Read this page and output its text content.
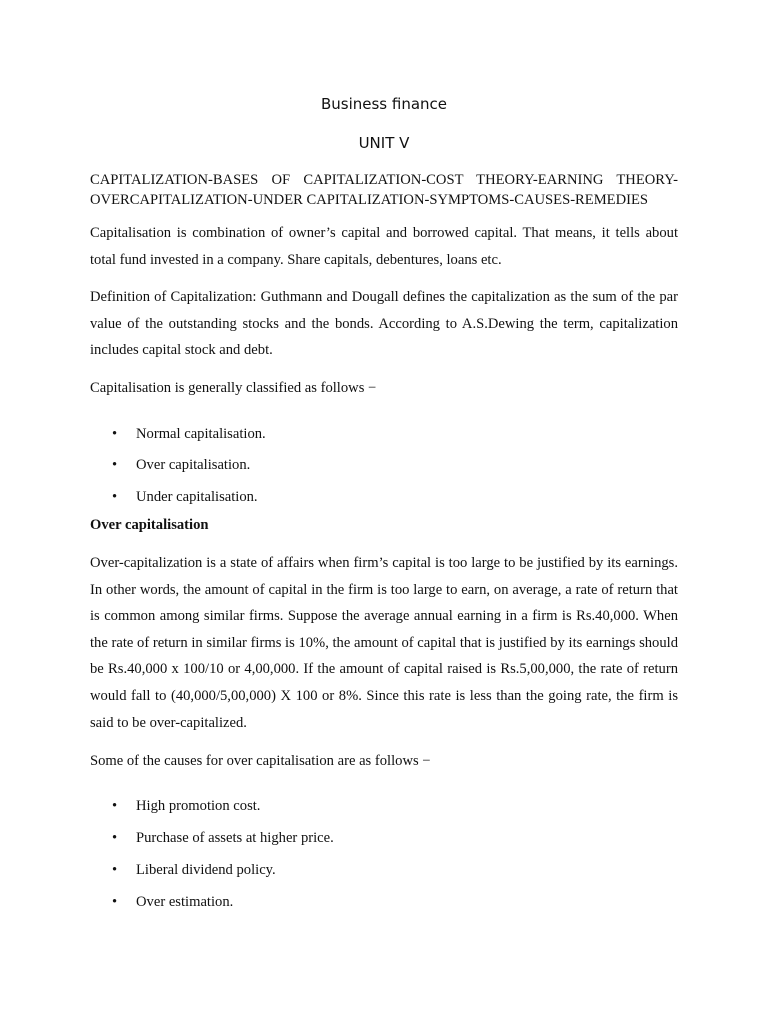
Business finance
UNIT V
CAPITALIZATION-BASES OF CAPITALIZATION-COST THEORY-EARNING THEORY-OVERCAPITALIZATION-UNDER CAPITALIZATION-SYMPTOMS-CAUSES-REMEDIES

Capitalisation is combination of owner’s capital and borrowed capital. That means, it tells about total fund invested in a company. Share capitals, debentures, loans etc.

Definition of Capitalization: Guthmann and Dougall defines the capitalization as the sum of the par value of the outstanding stocks and the bonds. According to A.S.Dewing the term, capitalization includes capital stock and debt.

Capitalisation is generally classified as follows −

• Normal capitalisation.
• Over capitalisation.
• Under capitalisation.
Over capitalisation

Over-capitalization is a state of affairs when firm’s capital is too large to be justified by its earnings. In other words, the amount of capital in the firm is too large to earn, on average, a rate of return that is common among similar firms. Suppose the average annual earning in a firm is Rs.40,000. When the rate of return in similar firms is 10%, the amount of capital that is justified by its earnings should be Rs.40,000 x 100/10 or 4,00,000. If the amount of capital raised is Rs.5,00,000, the rate of return would fall to (40,000/5,00,000) X 100 or 8%. Since this rate is less than the going rate, the firm is said to be over-capitalized.

Some of the causes for over capitalisation are as follows −

• High promotion cost.
• Purchase of assets at higher price.
• Liberal dividend policy.
• Over estimation.
